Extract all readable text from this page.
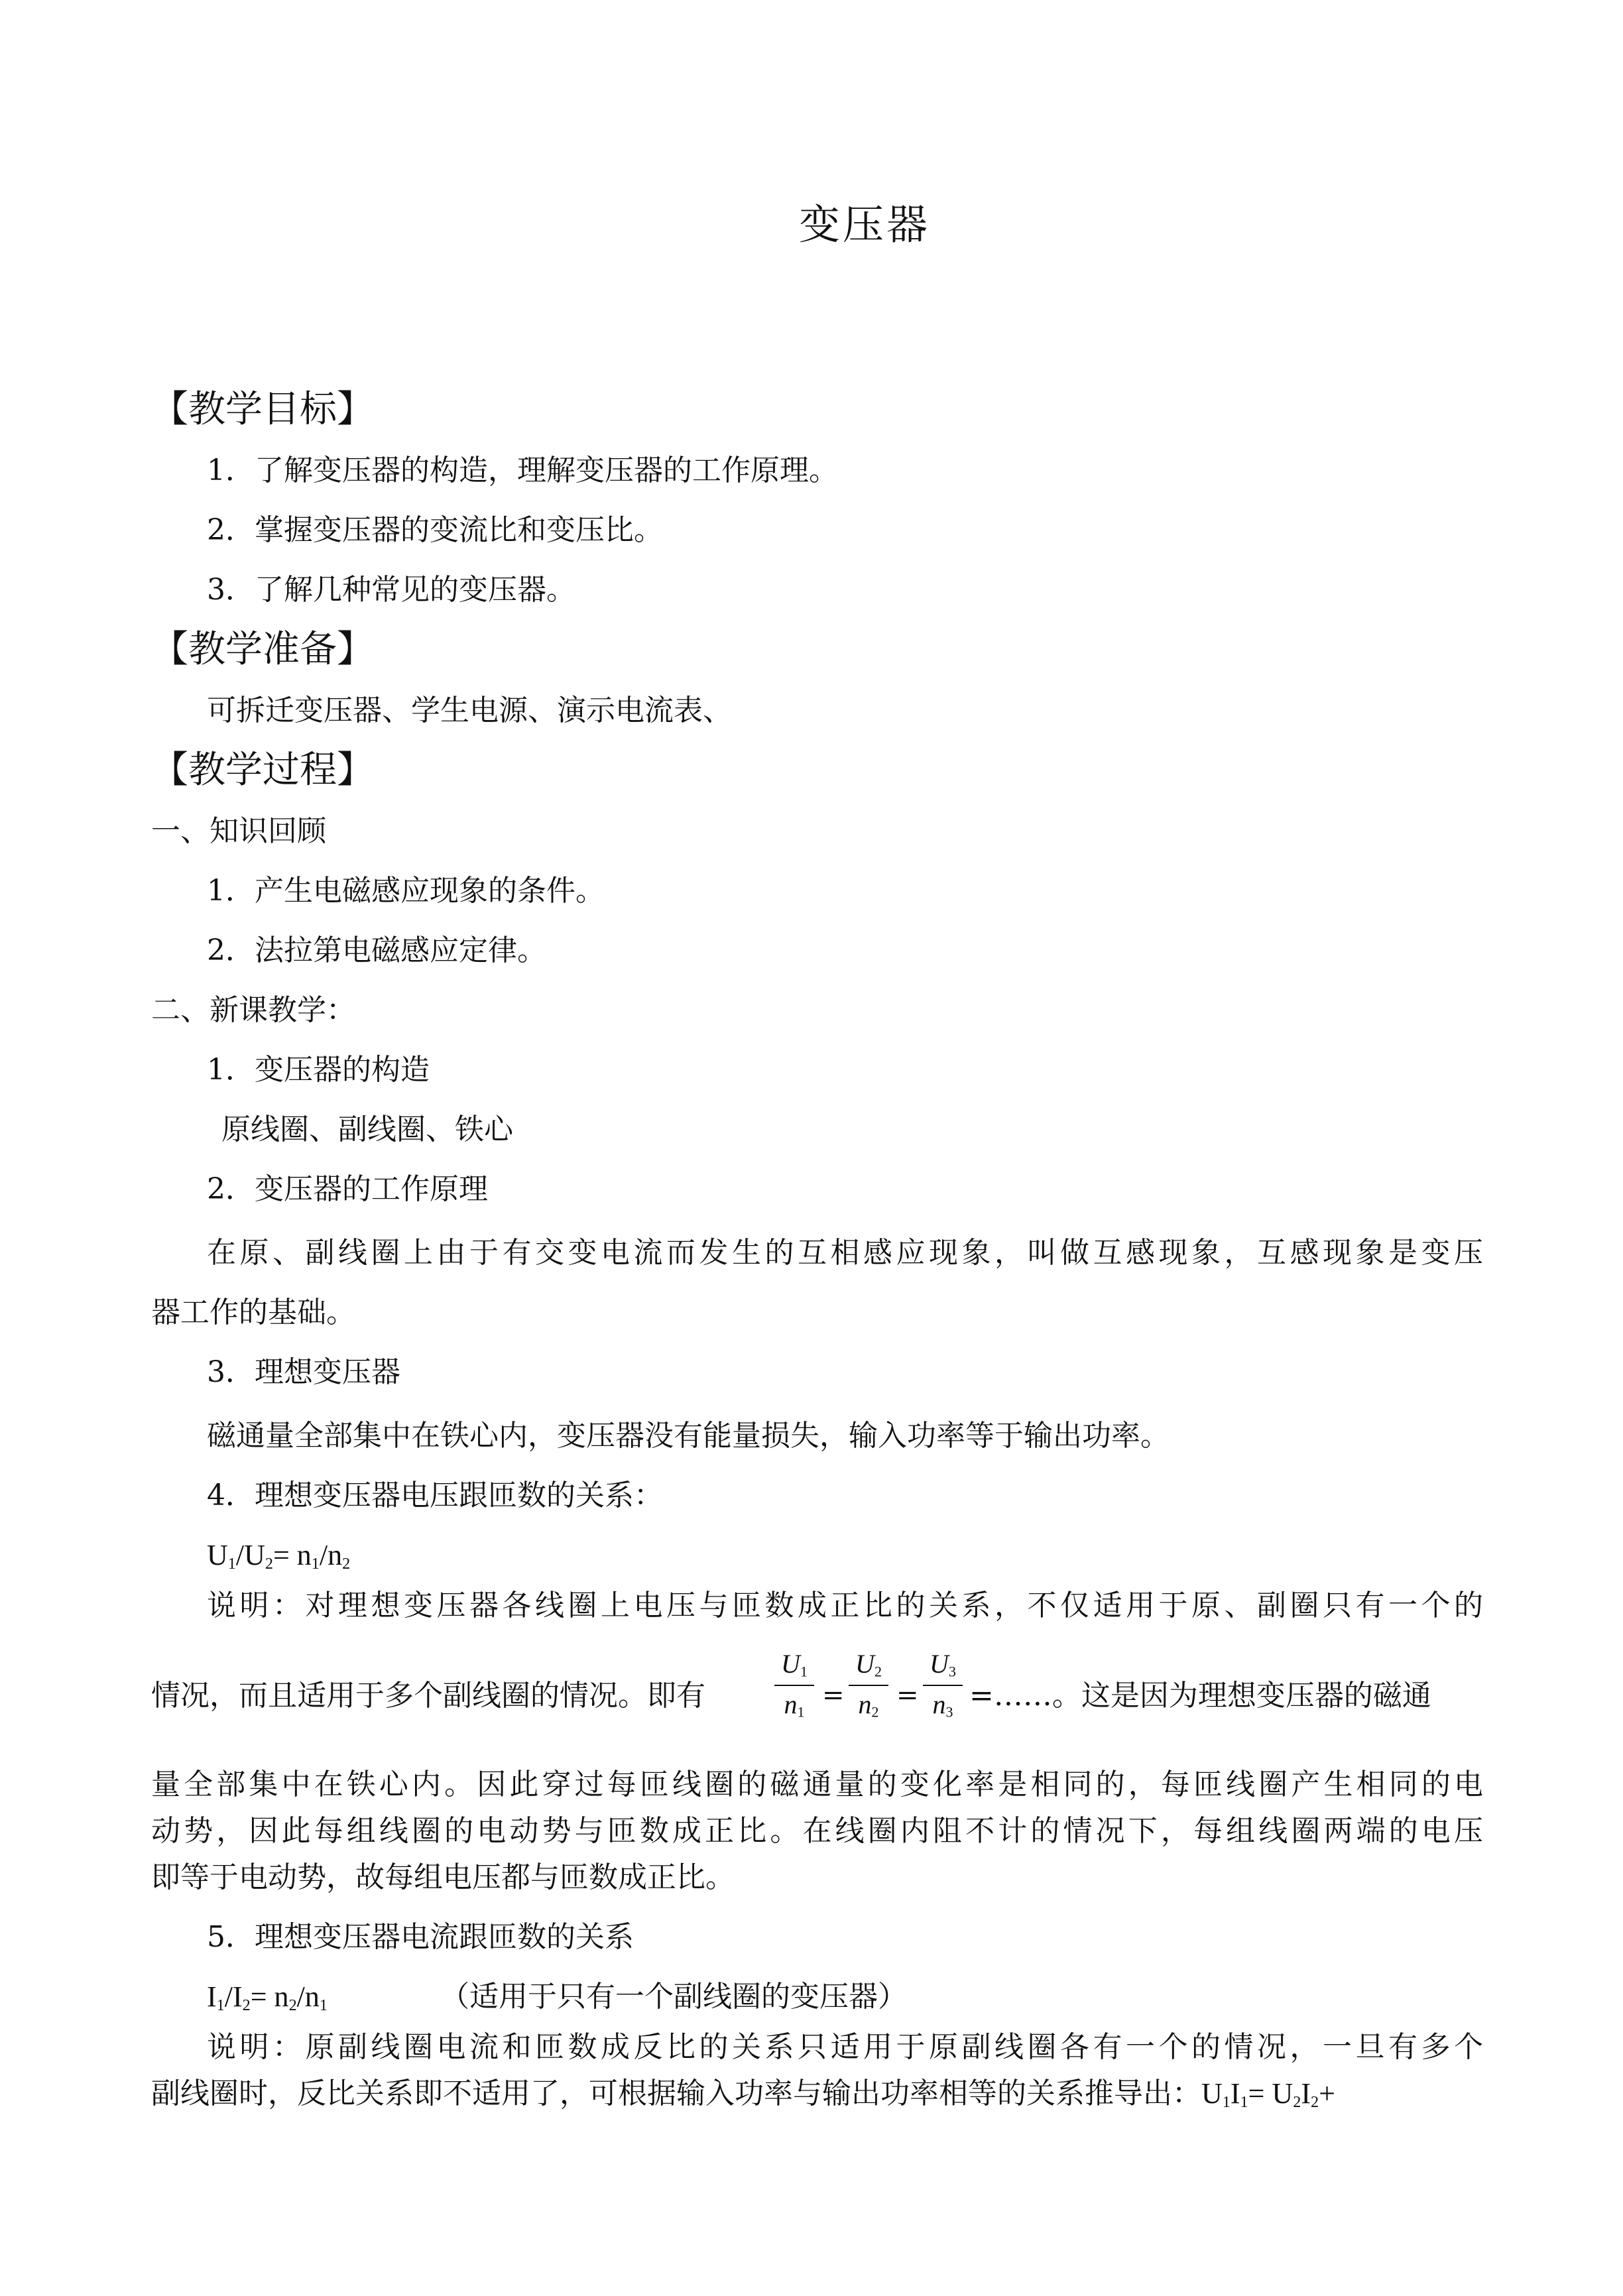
变压器
【教学目标】
1．了解变压器的构造，理解变压器的工作原理。
2．掌握变压器的变流比和变压比。
3．了解几种常见的变压器。
【教学准备】
可拆迁变压器、学生电源、演示电流表、
【教学过程】
一、知识回顾
1．产生电磁感应现象的条件。
2．法拉第电磁感应定律。
二、新课教学：
1．变压器的构造
原线圈、副线圈、铁心
2．变压器的工作原理
在原、副线圈上由于有交变电流而发生的互相感应现象，叫做互感现象，互感现象是变压
器工作的基础。
3．理想变压器
磁通量全部集中在铁心内，变压器没有能量损失，输入功率等于输出功率。
4．理想变压器电压跟匝数的关系：
$U_1/U_2= n_1/n_2$
说明：对理想变压器各线圈上电压与匝数成正比的关系，不仅适用于原、副圈只有一个的
情况，而且适用于多个副线圈的情况。即有
$U_1$
$n_1$
=
$U_2$
$n_2$
=
$U_3$
$n_3$ =……。这是因为理想变压器的磁通
量全部集中在铁心内。因此穿过每匝线圈的磁通量的变化率是相同的，每匝线圈产生相同的电
动势，因此每组线圈的电动势与匝数成正比。在线圈内阻不计的情况下，每组线圈两端的电压
即等于电动势，故每组电压都与匝数成正比。
5．理想变压器电流跟匝数的关系
$I_1/I_2= n_2/n_1$	（适用于只有一个副线圈的变压器）
说明：原副线圈电流和匝数成反比的关系只适用于原副线圈各有一个的情况，一旦有多个
副线圈时，反比关系即不适用了，可根据输入功率与输出功率相等的关系推导出：$U_1I_1= U_2I_2+$
